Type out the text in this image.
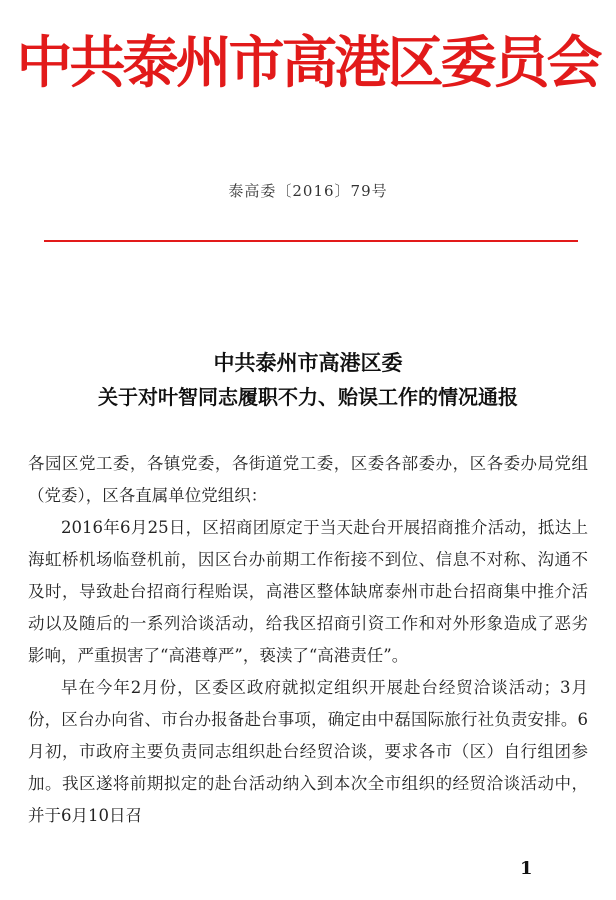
中共泰州市高港区委员会
泰高委〔2016〕79号
中共泰州市高港区委
关于对叶智同志履职不力、贻误工作的情况通报

各园区党工委，各镇党委，各街道党工委，区委各部委办，区各委办局党组（党委），区各直属单位党组织：

2016年6月25日，区招商团原定于当天赴台开展招商推介活动，抵达上海虹桥机场临登机前，因区台办前期工作衔接不到位、信息不对称、沟通不及时，导致赴台招商行程贻误，高港区整体缺席泰州市赴台招商集中推介活动以及随后的一系列洽谈活动，给我区招商引资工作和对外形象造成了恶劣影响，严重损害了“高港尊严”，亵渎了“高港责任”。

早在今年2月份，区委区政府就拟定组织开展赴台经贸洽谈活动；3月份，区台办向省、市台办报备赴台事项，确定由中磊国际旅行社负责安排。6月初，市政府主要负责同志组织赴台经贸洽谈，要求各市（区）自行组团参加。我区遂将前期拟定的赴台活动纳入到本次全市组织的经贸洽谈活动中，并于6月10日召

1
